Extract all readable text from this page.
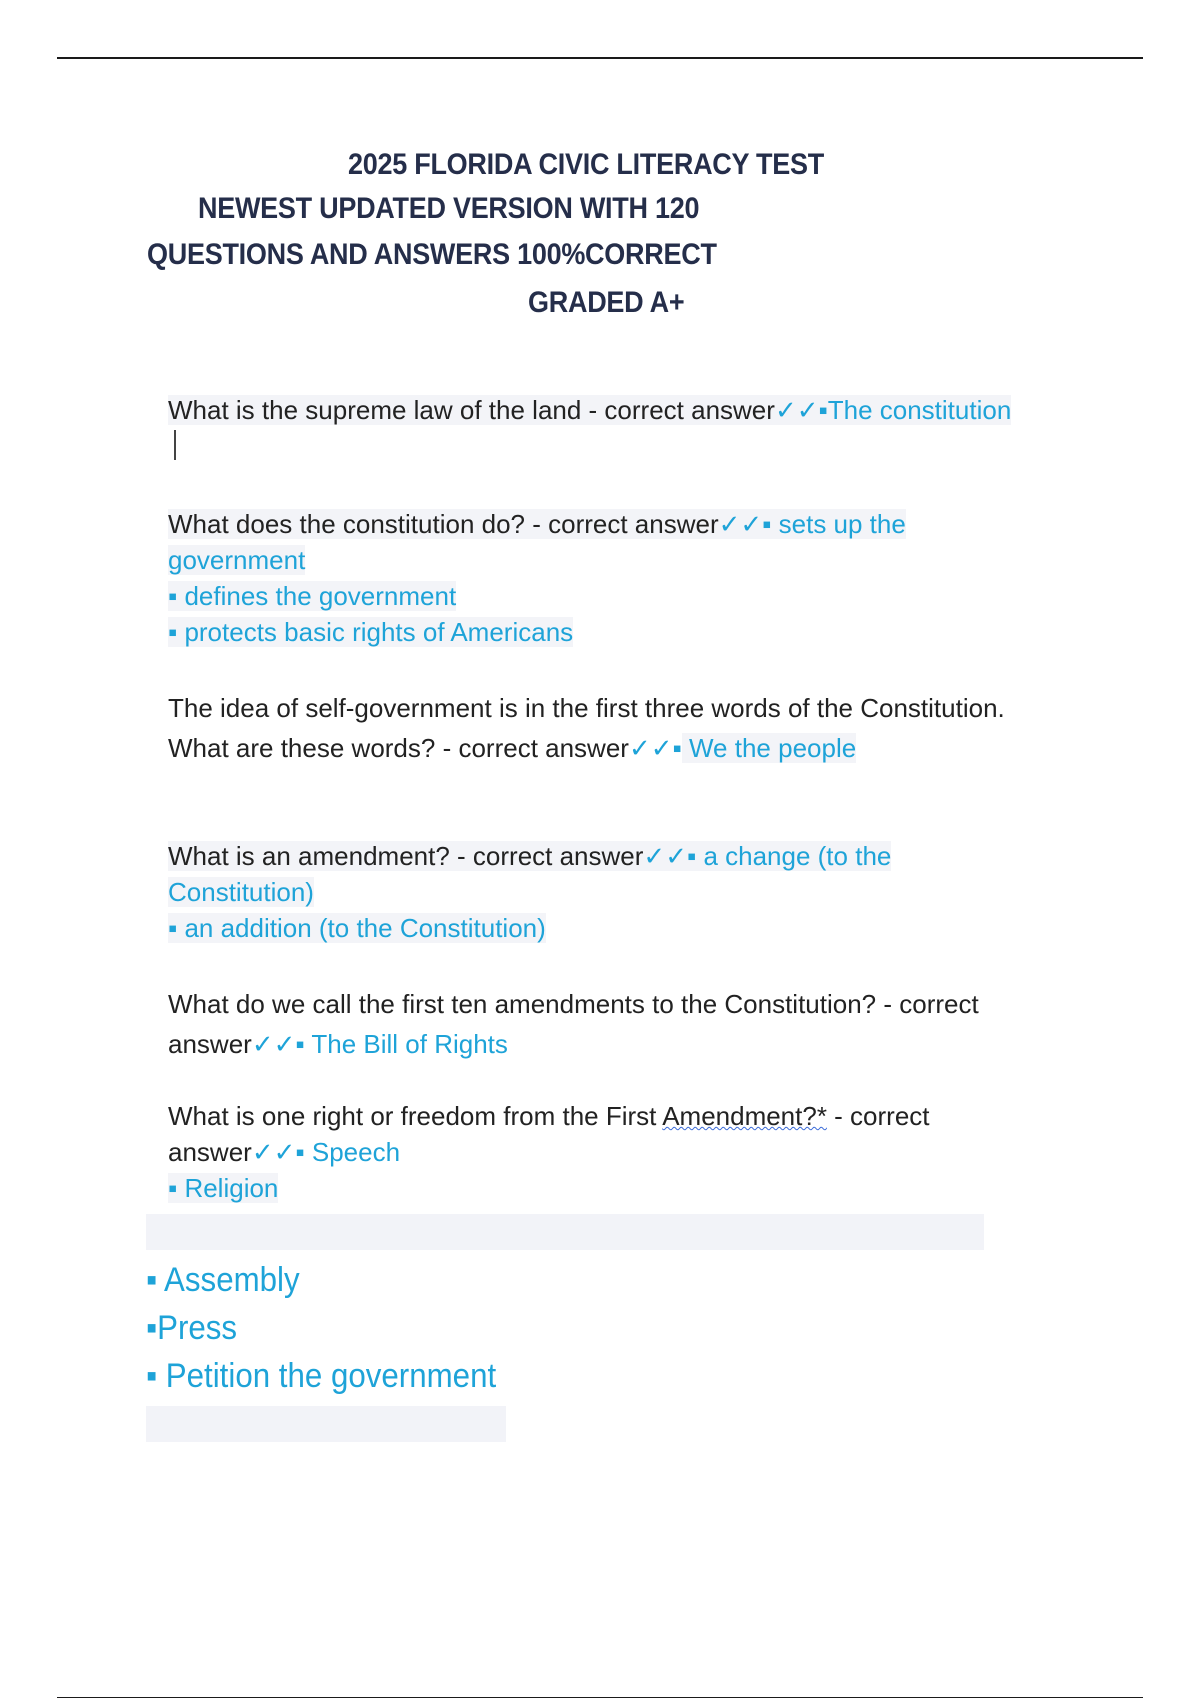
2025 FLORIDA CIVIC LITERACY TEST
NEWEST UPDATED VERSION WITH 120
QUESTIONS AND ANSWERS 100%CORRECT
GRADED A+
What is the supreme law of the land - correct answer✓✓▪The constitution
What does the constitution do? - correct answer✓✓▪ sets up the government
▪ defines the government
▪ protects basic rights of Americans
The idea of self-government is in the first three words of the Constitution. What are these words? - correct answer✓✓▪ We the people
What is an amendment? - correct answer✓✓▪ a change (to the Constitution)
▪ an addition (to the Constitution)
What do we call the first ten amendments to the Constitution? - correct answer✓✓▪ The Bill of Rights
What is one right or freedom from the First Amendment?* - correct answer✓✓▪ Speech
▪ Religion
▪ Assembly
▪Press
▪ Petition the government
